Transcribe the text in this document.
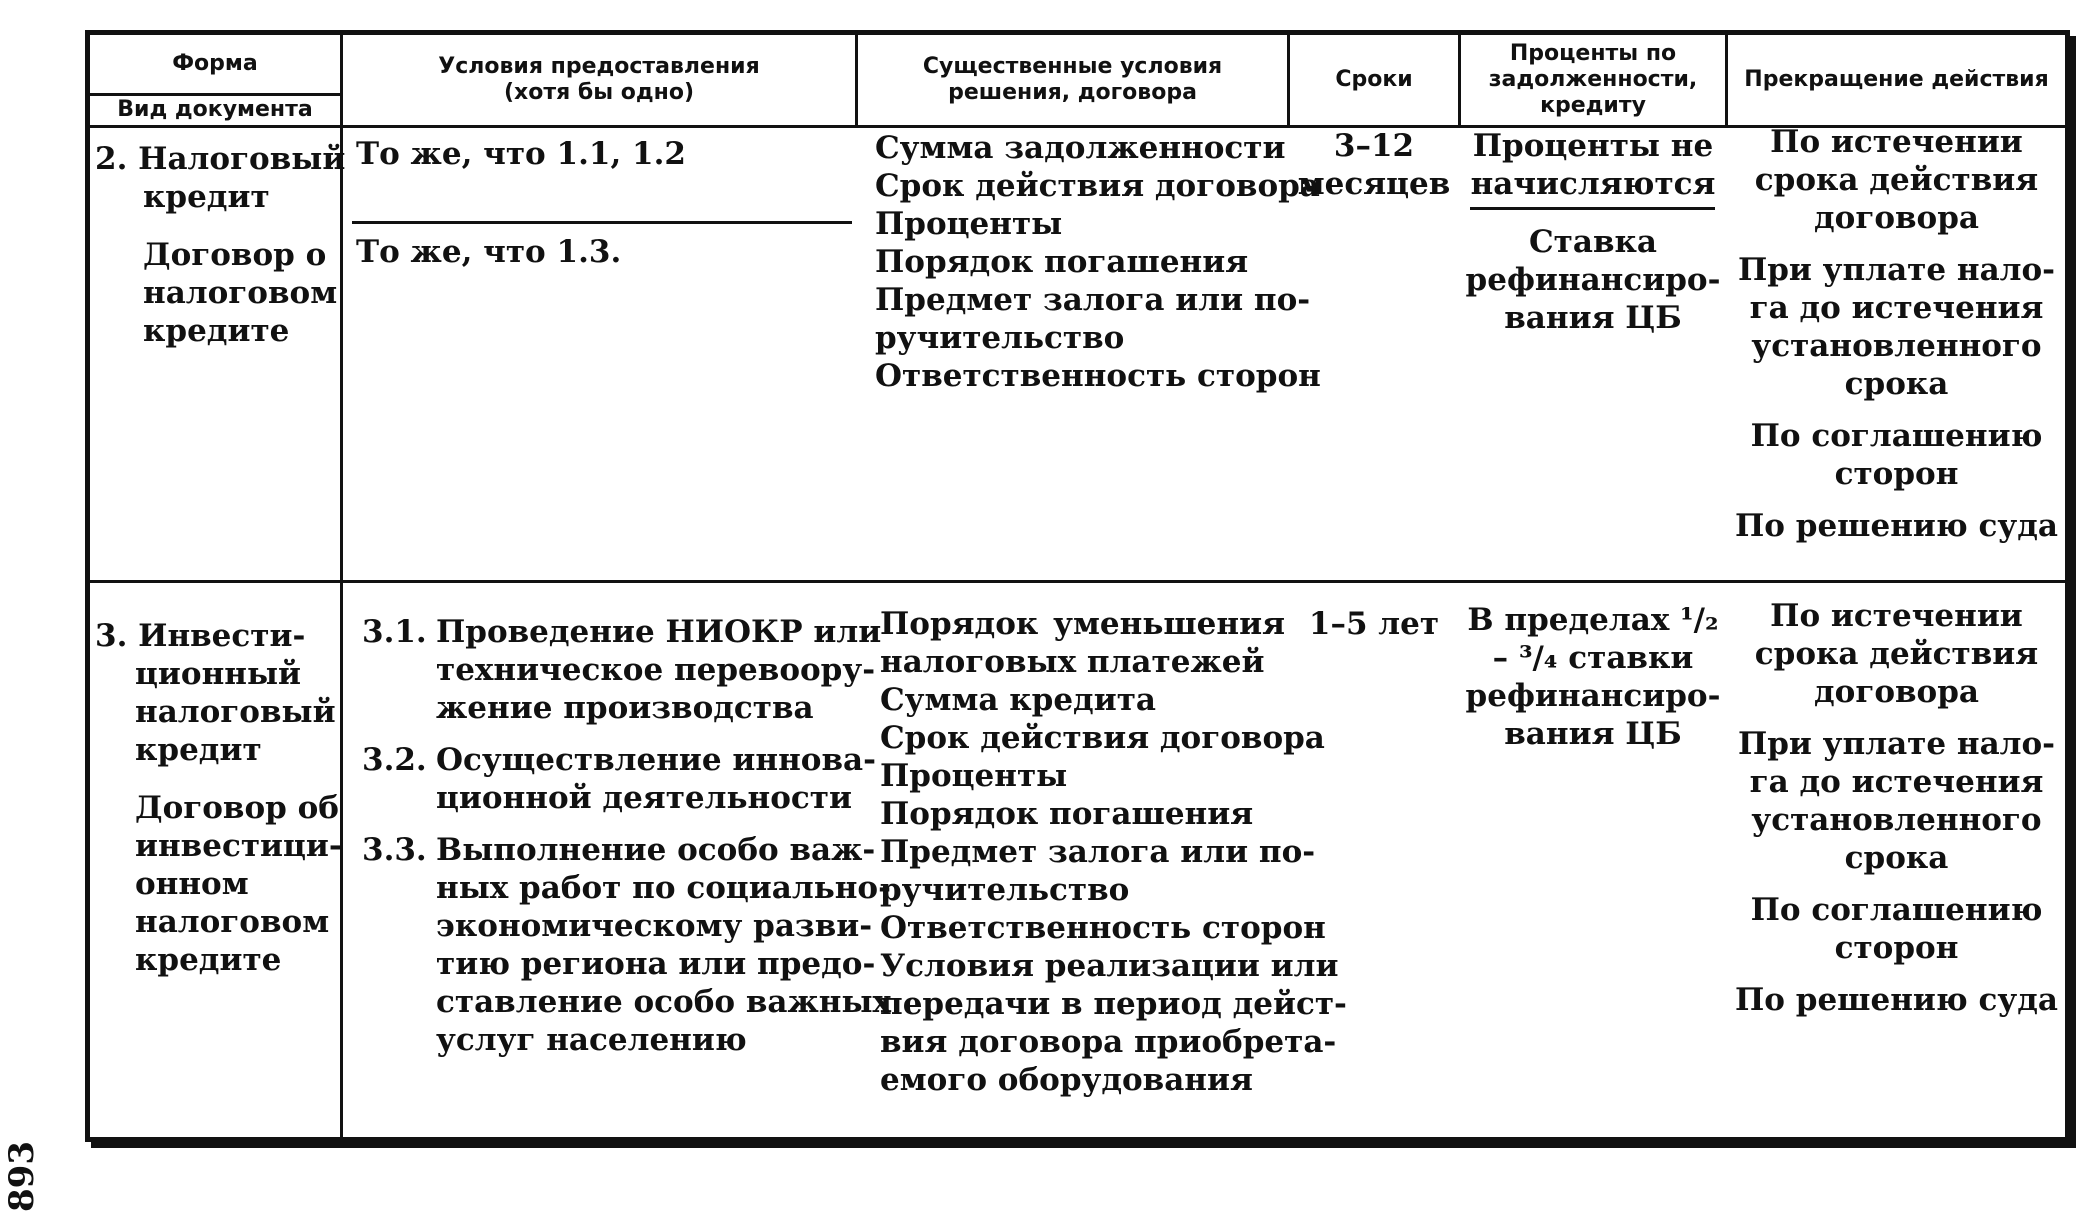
Форма
Вид документа
Условия предоставления
(хотя бы одно)
Существенные условия
решения, договора
Сроки
Проценты по
задолженности,
кредиту
Прекращение действия
2. Налоговый
кредит
Договор о
налоговом
кредите
То же, что 1.1, 1.2
То же, что 1.3.
Сумма задолженности
Срок действия договора
Проценты
Порядок погашения
Предмет залога или по-
ручительство
Ответственность сторон
3–12
месяцев
Проценты не
начисляются
Ставка
рефинансиро-
вания ЦБ
По истечении
срока действия
договора
При уплате нало-
га до истечения
установленного
срока
По соглашению
сторон
По решению суда
3. Инвести-
ционный
налоговый
кредит
Договор об
инвестици-
онном
налоговом
кредите
3.1. Проведение НИОКР или
техническое перевоору-
жение производства
3.2. Осуществление иннова-
ционной деятельности
3.3. Выполнение особо важ-
ных работ по социально-
экономическому разви-
тию региона или предо-
ставление особо важных
услуг населению
Порядок уменьшения
налоговых платежей
Сумма кредита
Срок действия договора
Проценты
Порядок погашения
Предмет залога или по-
ручительство
Ответственность сторон
Условия реализации или
передачи в период дейст-
вия договора приобрета-
емого оборудования
1–5 лет В пределах ¹/₂
– ³/₄ ставки
рефинансиро-
вания ЦБ
По истечении
срока действия
договора
При уплате нало-
га до истечения
установленного
срока
По соглашению
сторон
По решению суда
893
